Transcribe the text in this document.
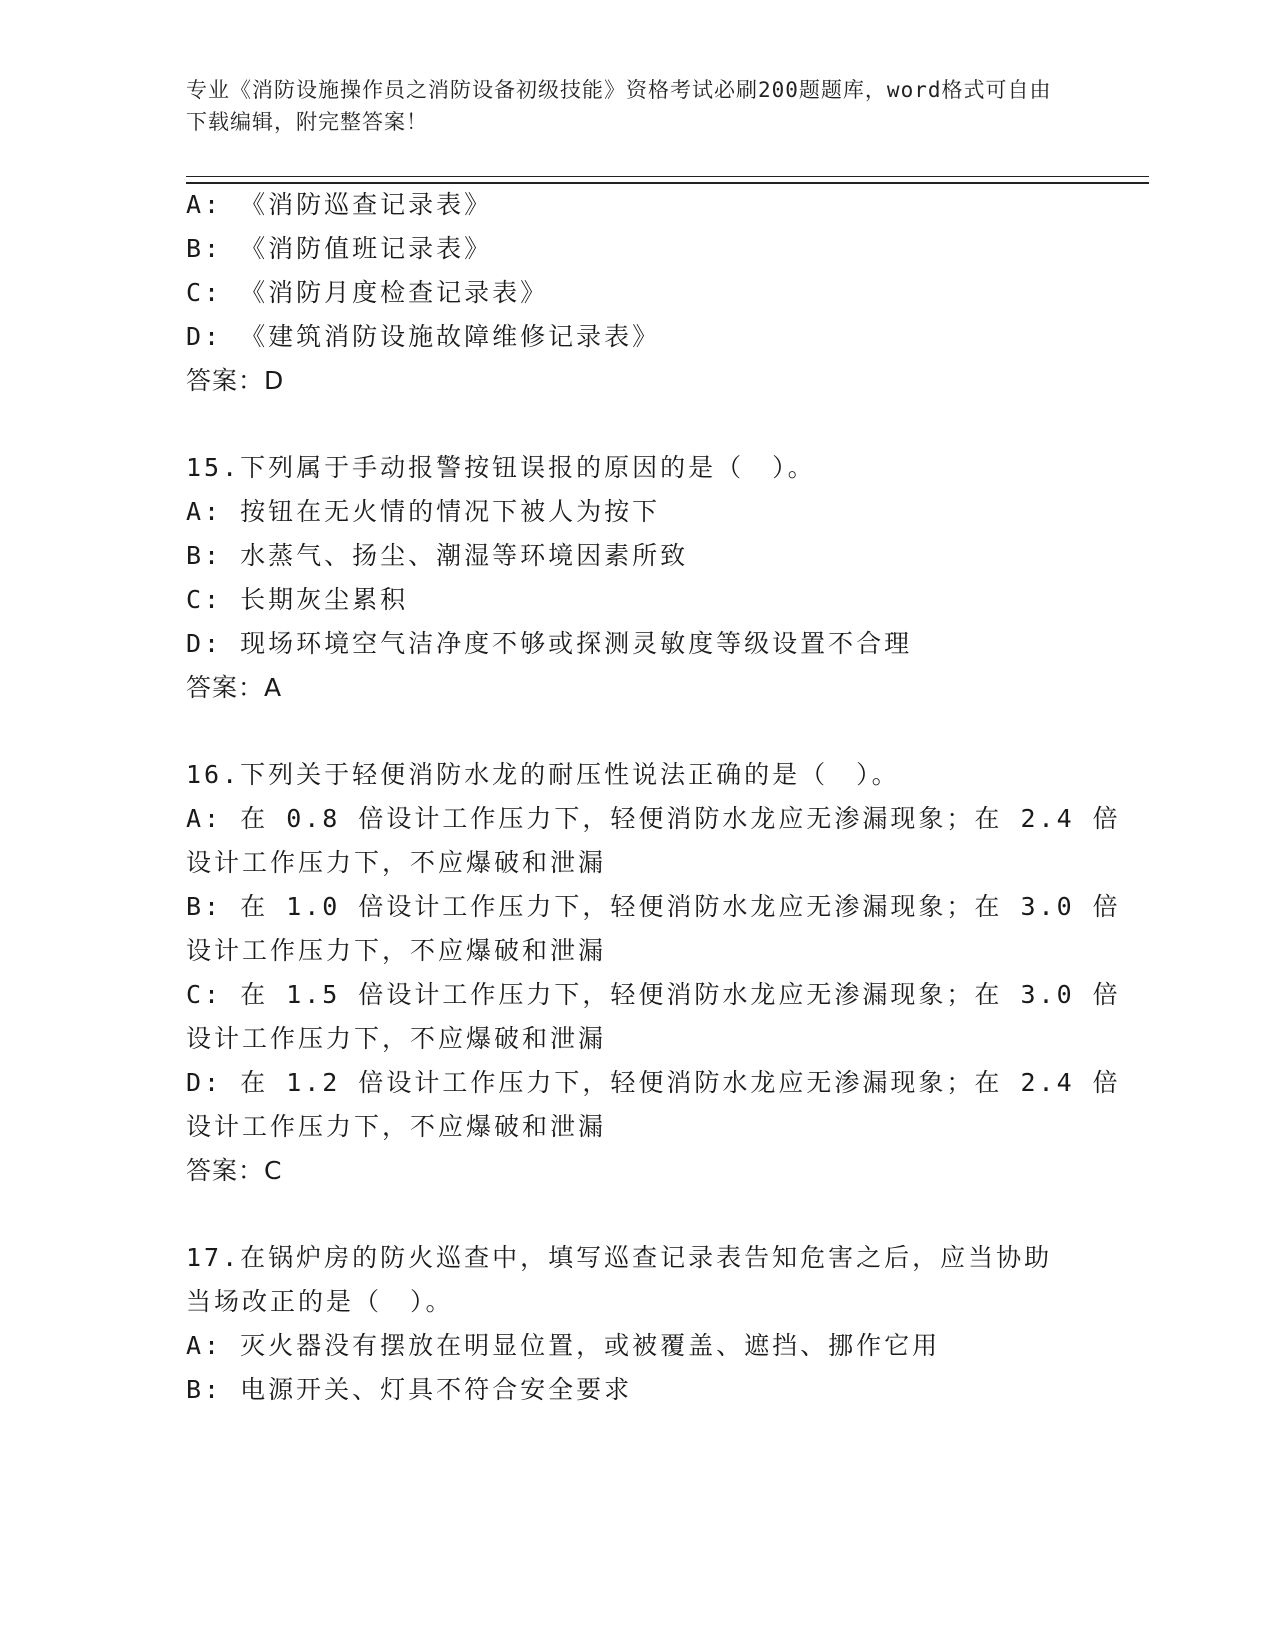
专业《消防设施操作员之消防设备初级技能》资格考试必刷200题题库，word格式可自由下载编辑，附完整答案！
A: 《消防巡查记录表》
B: 《消防值班记录表》
C: 《消防月度检查记录表》
D: 《建筑消防设施故障维修记录表》
答案：D
15.下列属于手动报警按钮误报的原因的是（　）。
A: 按钮在无火情的情况下被人为按下
B: 水蒸气、扬尘、潮湿等环境因素所致
C: 长期灰尘累积
D: 现场环境空气洁净度不够或探测灵敏度等级设置不合理
答案：A
16.下列关于轻便消防水龙的耐压性说法正确的是（　）。
A: 在 0.8 倍设计工作压力下，轻便消防水龙应无渗漏现象；在 2.4 倍
设计工作压力下，不应爆破和泄漏
B: 在 1.0 倍设计工作压力下，轻便消防水龙应无渗漏现象；在 3.0 倍
设计工作压力下，不应爆破和泄漏
C: 在 1.5 倍设计工作压力下，轻便消防水龙应无渗漏现象；在 3.0 倍
设计工作压力下，不应爆破和泄漏
D: 在 1.2 倍设计工作压力下，轻便消防水龙应无渗漏现象；在 2.4 倍
设计工作压力下，不应爆破和泄漏
答案：C
17.在锅炉房的防火巡查中，填写巡查记录表告知危害之后，应当协助
当场改正的是（　）。
A: 灭火器没有摆放在明显位置，或被覆盖、遮挡、挪作它用
B: 电源开关、灯具不符合安全要求
